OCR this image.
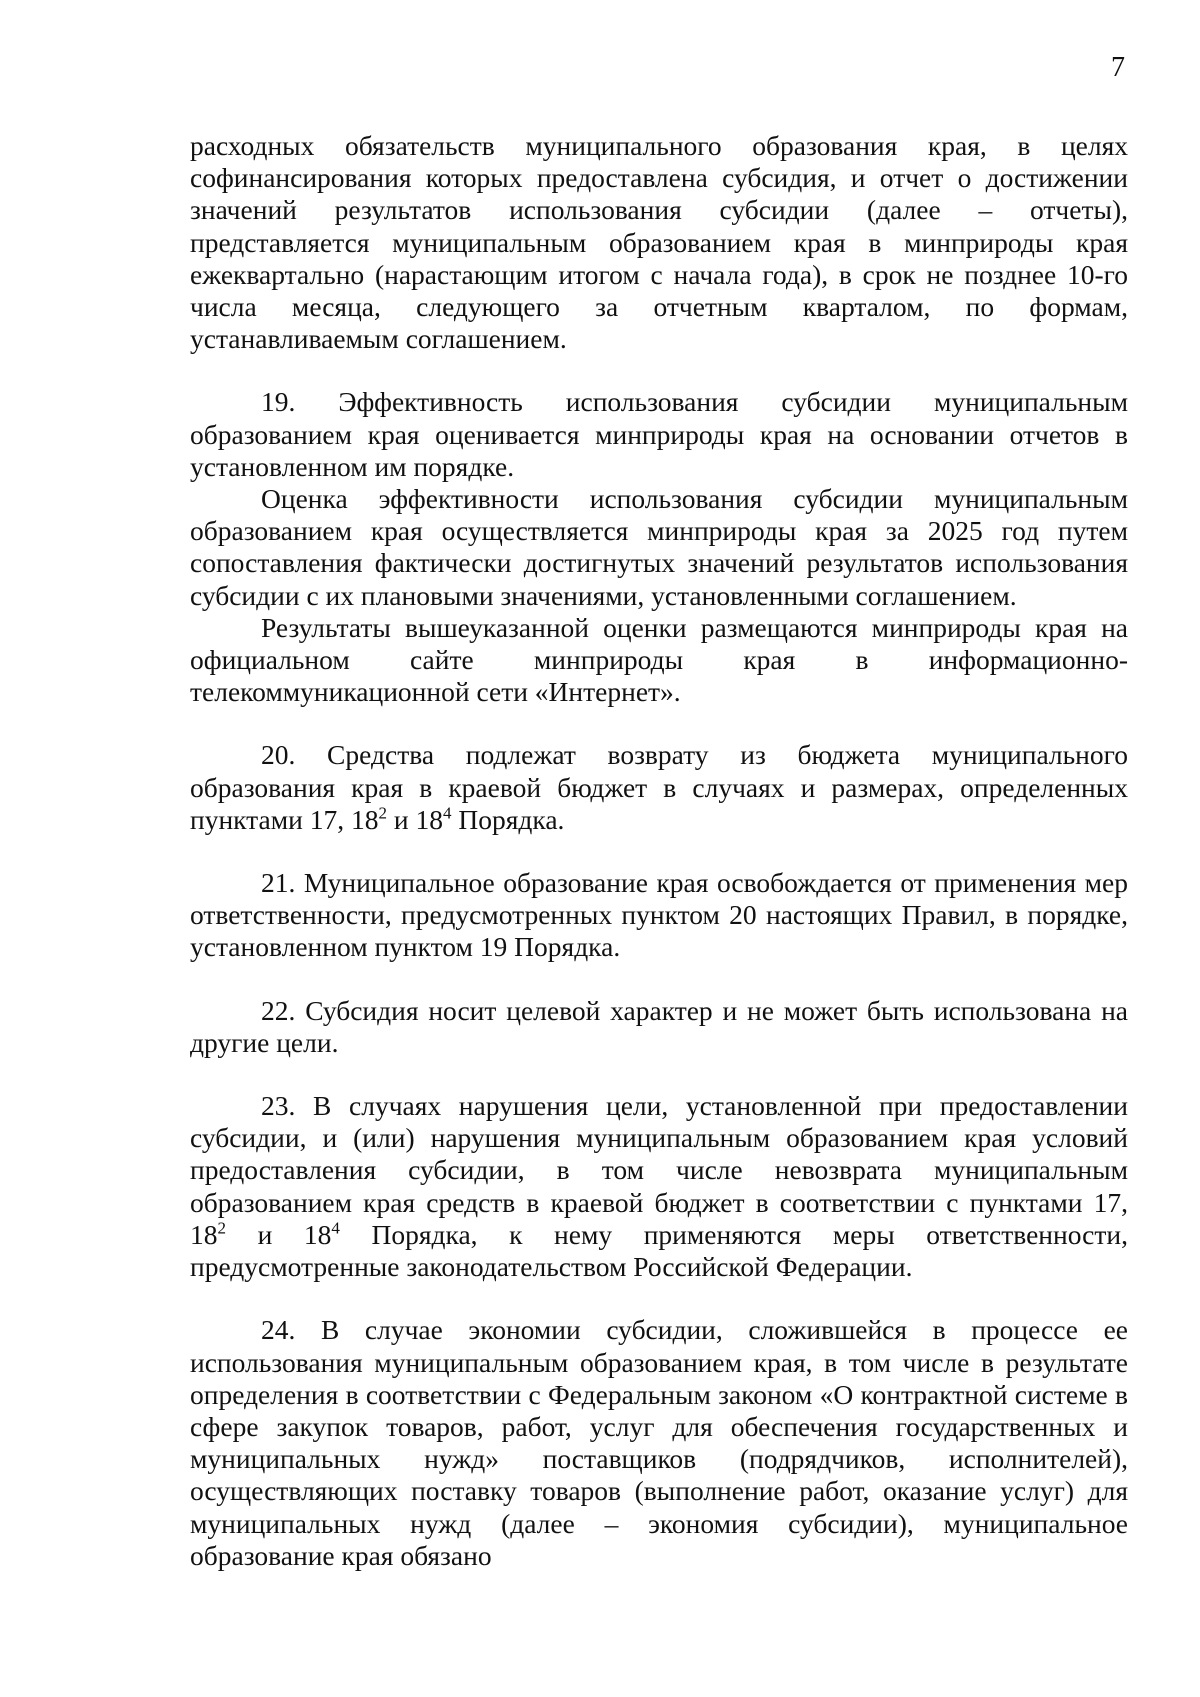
7

расходных обязательств муниципального образования края, в целях софинансирования которых предоставлена субсидия, и отчет о достижении значений результатов использования субсидии (далее – отчеты), представляется муниципальным образованием края в минприроды края ежеквартально (нарастающим итогом с начала года), в срок не позднее 10-го числа месяца, следующего за отчетным кварталом, по формам, устанавливаемым соглашением.

19. Эффективность использования субсидии муниципальным образованием края оценивается минприроды края на основании отчетов в установленном им порядке.

Оценка эффективности использования субсидии муниципальным образованием края осуществляется минприроды края за 2025 год путем сопоставления фактически достигнутых значений результатов использования субсидии с их плановыми значениями, установленными соглашением.

Результаты вышеуказанной оценки размещаются минприроды края на официальном сайте минприроды края в информационно-телекоммуникационной сети «Интернет».

20. Средства подлежат возврату из бюджета муниципального образования края в краевой бюджет в случаях и размерах, определенных пунктами 17, $18^2$ и $18^4$ Порядка.

21. Муниципальное образование края освобождается от применения мер ответственности, предусмотренных пунктом 20 настоящих Правил, в порядке, установленном пунктом 19 Порядка.

22. Субсидия носит целевой характер и не может быть использована на другие цели.

23. В случаях нарушения цели, установленной при предоставлении субсидии, и (или) нарушения муниципальным образованием края условий предоставления субсидии, в том числе невозврата муниципальным образованием края средств в краевой бюджет в соответствии с пунктами 17, $18^2$ и $18^4$ Порядка, к нему применяются меры ответственности, предусмотренные законодательством Российской Федерации.

24. В случае экономии субсидии, сложившейся в процессе ее использования муниципальным образованием края, в том числе в результате определения в соответствии с Федеральным законом «О контрактной системе в сфере закупок товаров, работ, услуг для обеспечения государственных и муниципальных нужд» поставщиков (подрядчиков, исполнителей), осуществляющих поставку товаров (выполнение работ, оказание услуг) для муниципальных нужд (далее – экономия субсидии), муниципальное образование края обязано
